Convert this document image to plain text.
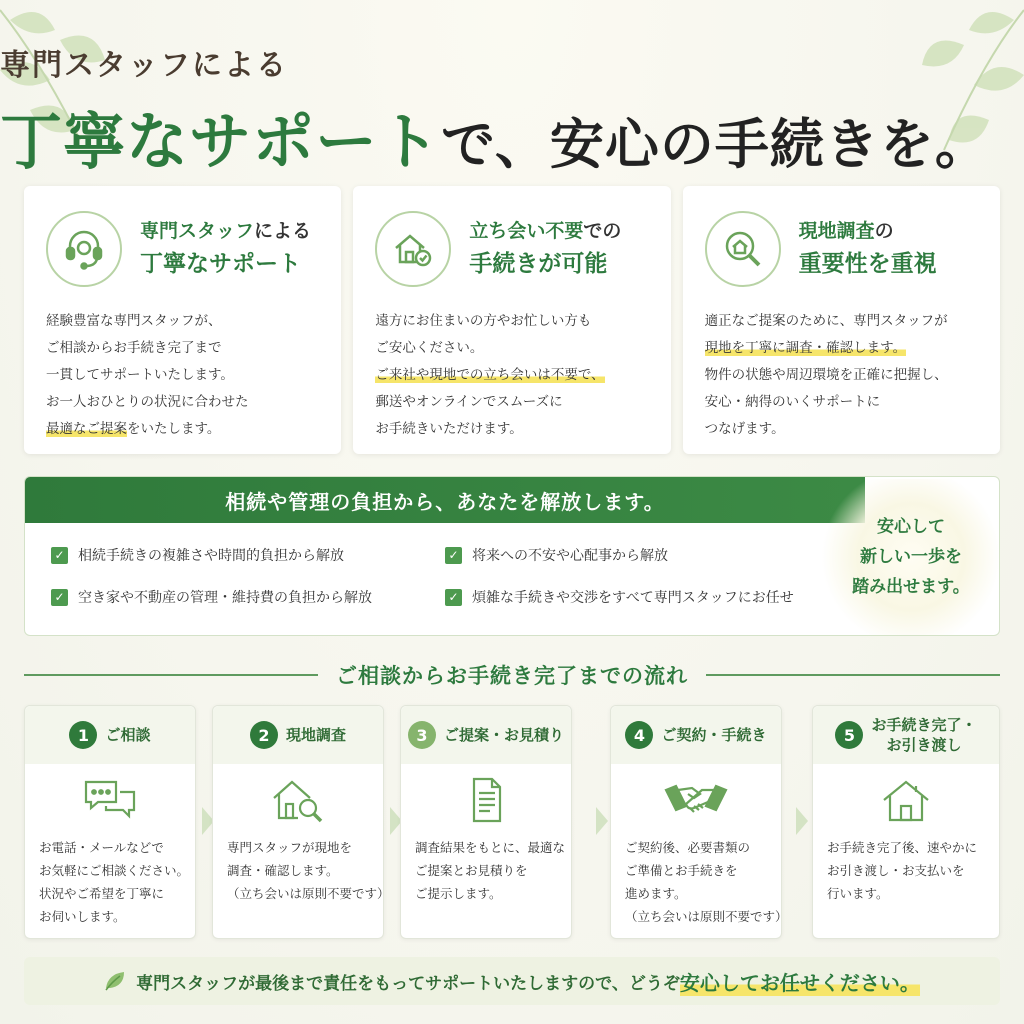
専門スタッフによる
丁寧なサポートで、安心の手続きを。
専門スタッフによる
丁寧なサポート

経験豊富な専門スタッフが、

ご相談からお手続き完了まで

一貫してサポートいたします。

お一人おひとりの状況に合わせた

最適なご提案をいたします。

立ち会い不要での
手続きが可能

遠方にお住まいの方やお忙しい方も

ご安心ください。

ご来社や現地での立ち会いは不要で、

郵送やオンラインでスムーズに

お手続きいただけます。

現地調査の
重要性を重視

適正なご提案のために、専門スタッフが

現地を丁寧に調査・確認します。

物件の状態や周辺環境を正確に把握し、

安心・納得のいくサポートに

つなげます。

相続や管理の負担から、あなたを解放します。
✓ 相続手続きの複雑さや時間的負担から解放	✓ 将来への不安や心配事から解放
✓ 空き家や不動産の管理・維持費の負担から解放	✓ 煩雑な手続きや交渉をすべて専門スタッフにお任せ
安心して
新しい一歩を
踏み出せます。
ご相談からお手続き完了までの流れ
1	ご相談

お電話・メールなどで

お気軽にご相談ください。

状況やご希望を丁寧に

お伺いします。

2	現地調査

専門スタッフが現地を

調査・確認します。

（立ち会いは原則不要です）

3	ご提案・お見積り

調査結果をもとに、最適な

ご提案とお見積りを

ご提示します。

4	ご契約・手続き

ご契約後、必要書類の

ご準備とお手続きを

進めます。

（立ち会いは原則不要です）

5
お手続き完了・
お引き渡し

お手続き完了後、速やかに

お引き渡し・お支払いを

行います。

専門スタッフが最後まで責任をもってサポートいたしますので、どうぞ 安心してお任せください。
